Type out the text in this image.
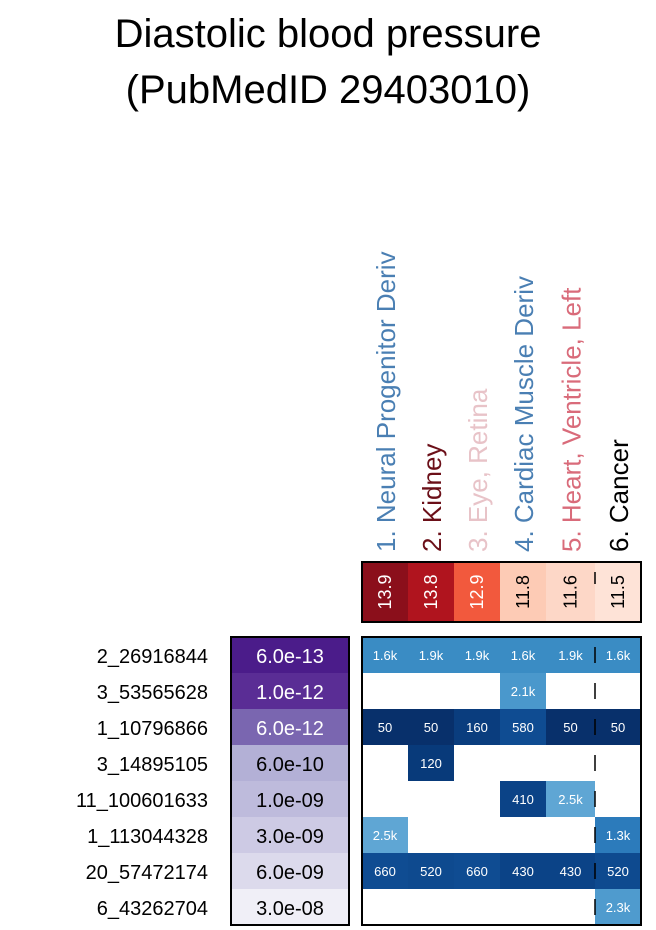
Diastolic blood pressure
(PubMedID 29403010)
1. Neural Progenitor Deriv 2. Kidney 3. Eye, Retina 4. Cardiac Muscle Deriv 5. Heart, Ventricle, Left 6. Cancer
13.9 13.8 12.9 11.8 11.6 11.5
6.0e-13
1.0e-12
6.0e-12
6.0e-10
1.0e-09
3.0e-09
6.0e-09
3.0e-08
1.6k 1.9k 1.9k 1.6k 1.9k 1.6k
2.1k
50 50 160 580 50	50
120
410 2.5k
2.5k	1.3k
660 520 660 430 430 520
2.3k
2_26916844
3_53565628
1_10796866
3_14895105
11_100601633
1_113044328
20_57472174
6_43262704
